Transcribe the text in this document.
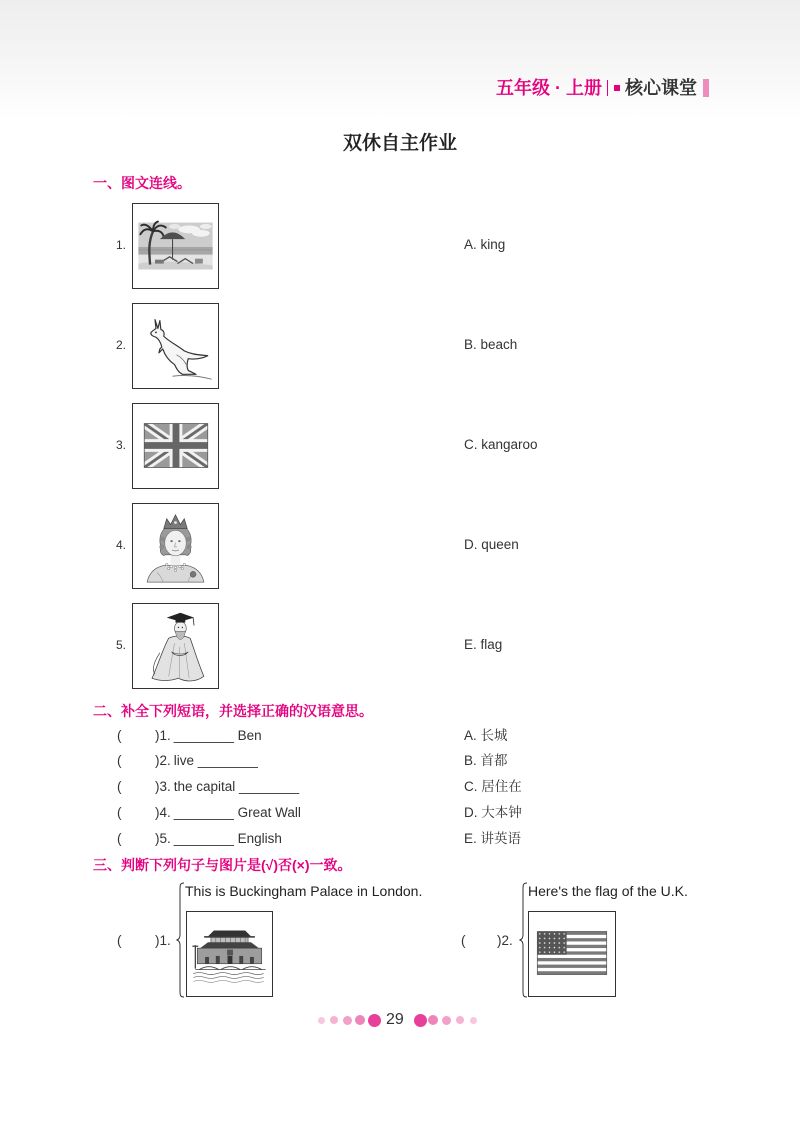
五年级 · 上册 核心课堂
双休自主作业
一、图文连线。
1.	A. king
2.	B. beach
3.	C. kangaroo
4.	D. queen
5.	E. flag
二、补全下列短语，并选择正确的汉语意思。
( )1. ________ Ben	A. 长城
( )2. live ________	B. 首都
( )3. the capital ________	C. 居住在
( )4. ________ Great Wall	D. 大本钟
( )5. ________ English	E. 讲英语
三、判断下列句子与图片是(√)否(×)一致。
( )1.
This is Buckingham Palace in London.
( )2.
Here's the flag of the U.K.
29
